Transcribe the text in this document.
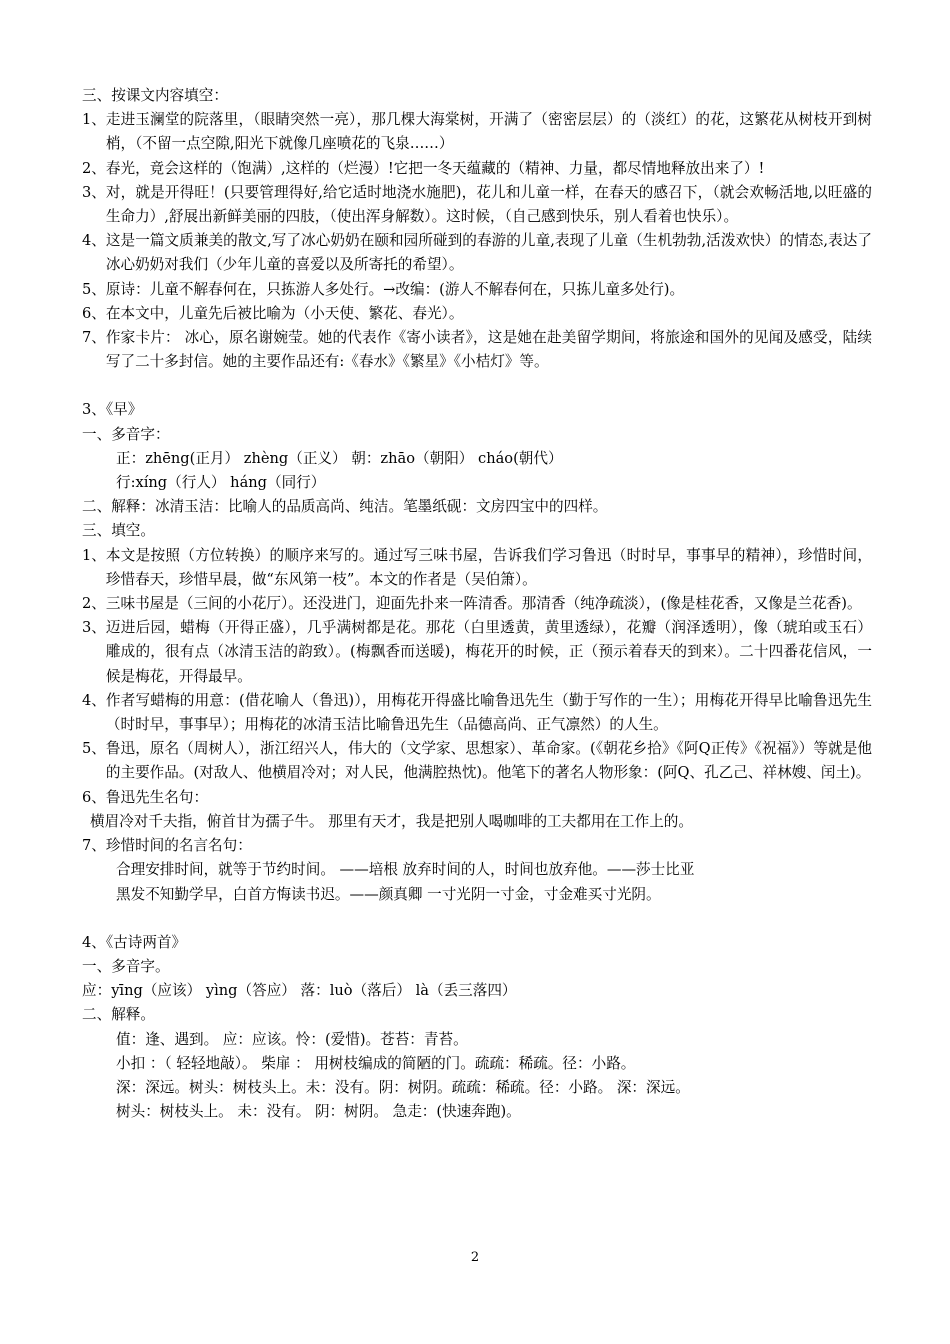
三、按课文内容填空：
1、 走进玉澜堂的院落里，（眼睛突然一亮），那几棵大海棠树，开满了（密密层层）的（淡红）的花，这繁花从树枝开到树梢，（不留一点空隙,阳光下就像几座喷花的飞泉……）
2、 春光，竟会这样的（饱满）,这样的（烂漫）!它把一冬天蕴藏的（精神、力量，都尽情地释放出来了）!
3、 对，就是开得旺！(只要管理得好,给它适时地浇水施肥)，花儿和儿童一样，在春天的感召下，（就会欢畅活地,以旺盛的生命力）,舒展出新鲜美丽的四肢，（使出浑身解数）。这时候，（自己感到快乐，别人看着也快乐）。
4、 这是一篇文质兼美的散文,写了冰心奶奶在颐和园所碰到的春游的儿童,表现了儿童（生机勃勃,活泼欢快）的情态,表达了冰心奶奶对我们（少年儿童的喜爱以及所寄托的希望）。
5、 原诗：儿童不解春何在，只拣游人多处行。→改编：(游人不解春何在，只拣儿童多处行)。
6、 在本文中，儿童先后被比喻为（小天使、繁花、春光）。
7、 作家卡片： 冰心，原名谢婉莹。她的代表作《寄小读者》，这是她在赴美留学期间，将旅途和国外的见闻及感受，陆续写了二十多封信。她的主要作品还有:《春水》《繁星》《小桔灯》等。
3、《早》
一、多音字：
正：zhēng(正月） zhèng（正义） 朝：zhāo（朝阳） cháo(朝代）
行:xíng（行人） háng（同行）
二、解释：冰清玉洁：比喻人的品质高尚、纯洁。笔墨纸砚：文房四宝中的四样。
三、填空。
1、 本文是按照（方位转换）的顺序来写的。通过写三味书屋，告诉我们学习鲁迅（时时早，事事早的精神），珍惜时间，珍惜春天，珍惜早晨，做“东风第一枝”。本文的作者是（吴伯箫）。
2、 三味书屋是（三间的小花厅）。还没进门，迎面先扑来一阵清香。那清香（纯净疏淡），(像是桂花香，又像是兰花香)。
3、 迈进后园，蜡梅（开得正盛），几乎满树都是花。那花（白里透黄，黄里透绿），花瓣（润泽透明），像（琥珀或玉石）雕成的，很有点（冰清玉洁的韵致）。(梅飘香而送暖)，梅花开的时候，正（预示着春天的到来）。二十四番花信风，一候是梅花，开得最早。
4、 作者写蜡梅的用意：(借花喻人（鲁迅)），用梅花开得盛比喻鲁迅先生（勤于写作的一生）；用梅花开得早比喻鲁迅先生（时时早，事事早）；用梅花的冰清玉洁比喻鲁迅先生（品德高尚、正气凛然）的人生。
5、 鲁迅，原名（周树人），浙江绍兴人，伟大的（文学家、思想家）、革命家。(《朝花乡拾》《阿Q正传》《祝福》）等就是他的主要作品。(对敌人、他横眉冷对；对人民，他满腔热忱)。他笔下的著名人物形象：(阿Q、孔乙己、祥林嫂、闰土)。
6、 鲁迅先生名句：
横眉冷对千夫指，俯首甘为孺子牛。 那里有天才，我是把别人喝咖啡的工夫都用在工作上的。
7、 珍惜时间的名言名句：
合理安排时间，就等于节约时间。 ——培根 放弃时间的人，时间也放弃他。——莎士比亚
黑发不知勤学早，白首方悔读书迟。——颜真卿 一寸光阴一寸金，寸金难买寸光阴。
4、《古诗两首》
一、多音字。
应：yīng（应该） yìng（答应） 落：luò（落后） là（丢三落四）
二、解释。
值：逢、遇到。 应：应该。怜：(爱惜)。苍苔：青苔。
小扣 ：（ 轻轻地敲）。 柴扉 ： 用树枝编成的简陋的门。疏疏：稀疏。径：小路。
深：深远。树头：树枝头上。未：没有。阴：树阴。疏疏：稀疏。径：小路。 深：深远。
树头：树枝头上。 未：没有。 阴：树阴。 急走：(快速奔跑)。
2
